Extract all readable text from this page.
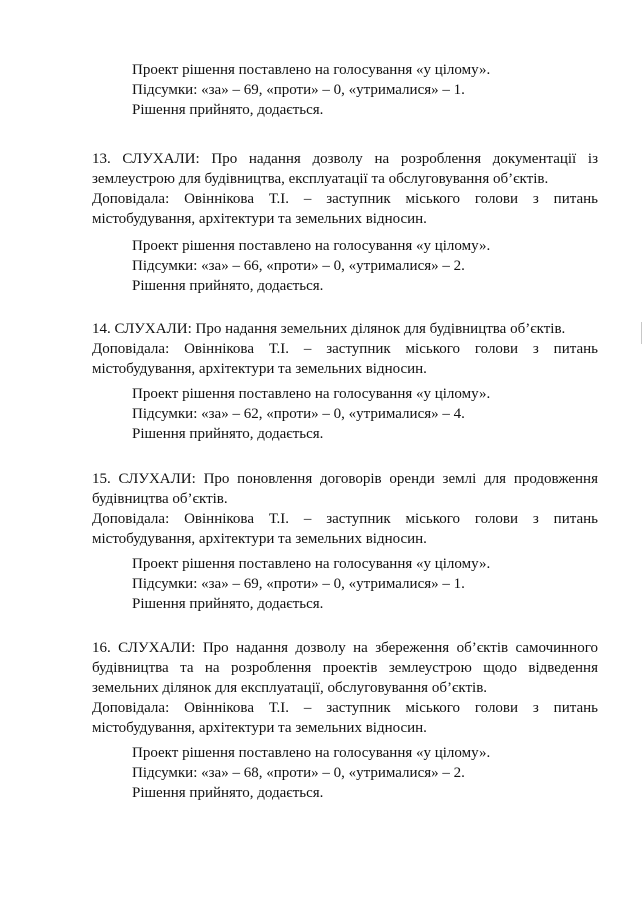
Проект рішення поставлено на голосування «у цілому».
Підсумки: «за» – 69, «проти» – 0, «утрималися» – 1.
Рішення прийнято, додається.

13. СЛУХАЛИ: Про надання дозволу на розроблення документації із землеустрою для будівництва, експлуатації та обслуговування об’єктів.

Доповідала: Овіннікова Т.І. – заступник міського голови з питань містобудування, архітектури та земельних відносин.

Проект рішення поставлено на голосування «у цілому».
Підсумки: «за» – 66, «проти» – 0, «утрималися» – 2.
Рішення прийнято, додається.

14. СЛУХАЛИ: Про надання земельних ділянок для будівництва об’єктів.

Доповідала: Овіннікова Т.І. – заступник міського голови з питань містобудування, архітектури та земельних відносин.

Проект рішення поставлено на голосування «у цілому».
Підсумки: «за» – 62, «проти» – 0, «утрималися» – 4.
Рішення прийнято, додається.

15. СЛУХАЛИ: Про поновлення договорів оренди землі для продовження будівництва об’єктів.

Доповідала: Овіннікова Т.І. – заступник міського голови з питань містобудування, архітектури та земельних відносин.

Проект рішення поставлено на голосування «у цілому».
Підсумки: «за» – 69, «проти» – 0, «утрималися» – 1.
Рішення прийнято, додається.

16. СЛУХАЛИ: Про надання дозволу на збереження об’єктів самочинного будівництва та на розроблення проектів землеустрою щодо відведення земельних ділянок для експлуатації, обслуговування об’єктів.

Доповідала: Овіннікова Т.І. – заступник міського голови з питань містобудування, архітектури та земельних відносин.

Проект рішення поставлено на голосування «у цілому».
Підсумки: «за» – 68, «проти» – 0, «утрималися» – 2.
Рішення прийнято, додається.
